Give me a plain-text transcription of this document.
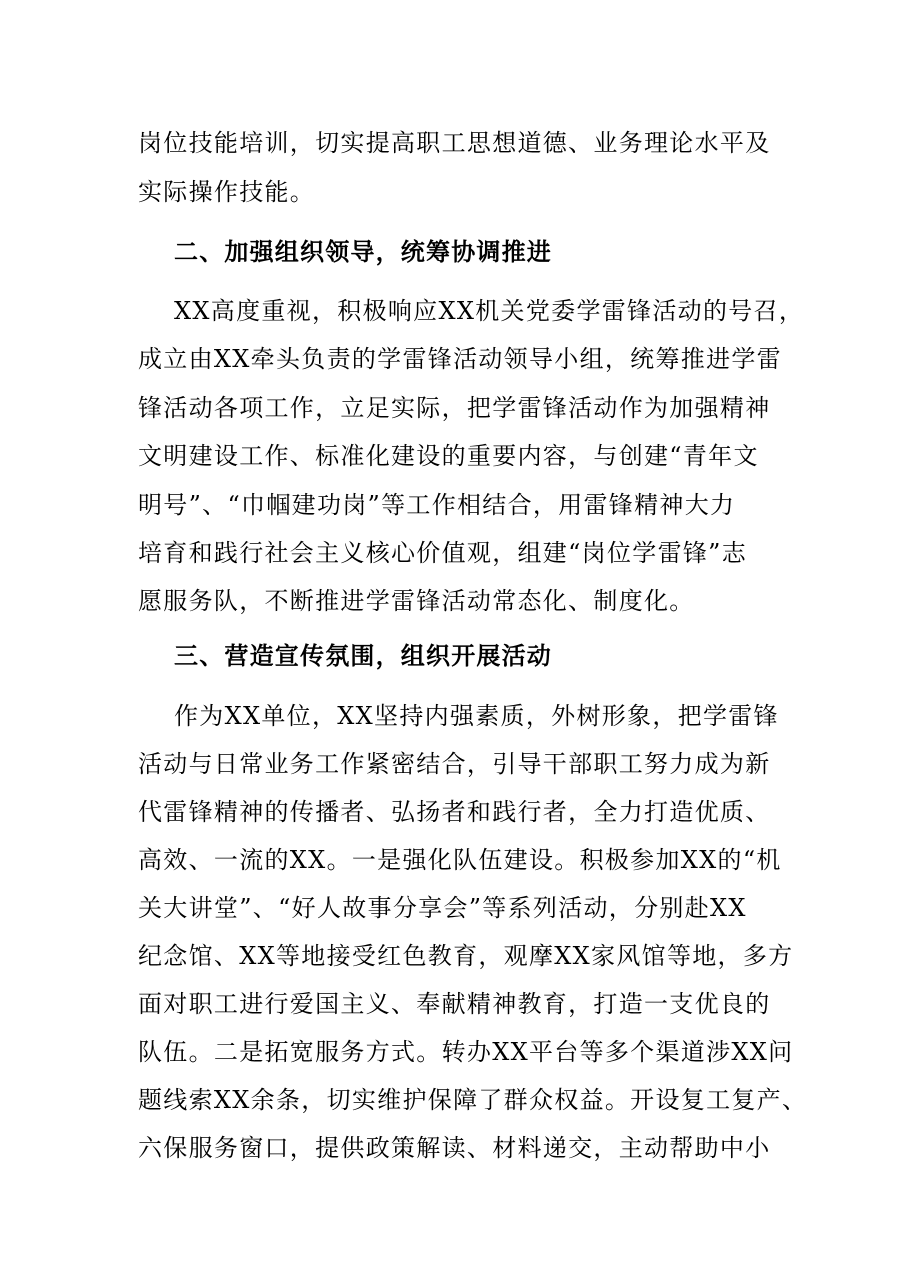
岗位技能培训，切实提高职工思想道德、业务理论水平及
实际操作技能。
二、加强组织领导，统筹协调推进
XX高度重视，积极响应XX机关党委学雷锋活动的号召，
成立由XX牵头负责的学雷锋活动领导小组，统筹推进学雷
锋活动各项工作，立足实际，把学雷锋活动作为加强精神
文明建设工作、标准化建设的重要内容，与创建“青年文
明号”、“巾帼建功岗”等工作相结合，用雷锋精神大力
培育和践行社会主义核心价值观，组建“岗位学雷锋”志
愿服务队，不断推进学雷锋活动常态化、制度化。
三、营造宣传氛围，组织开展活动
作为XX单位，XX坚持内强素质，外树形象，把学雷锋
活动与日常业务工作紧密结合，引导干部职工努力成为新
代雷锋精神的传播者、弘扬者和践行者，全力打造优质、
高效、一流的XX。一是强化队伍建设。积极参加XX的“机
关大讲堂”、“好人故事分享会”等系列活动，分别赴XX
纪念馆、XX等地接受红色教育，观摩XX家风馆等地，多方
面对职工进行爱国主义、奉献精神教育，打造一支优良的
队伍。二是拓宽服务方式。转办XX平台等多个渠道涉XX问
题线索XX余条，切实维护保障了群众权益。开设复工复产、
六保服务窗口，提供政策解读、材料递交，主动帮助中小
